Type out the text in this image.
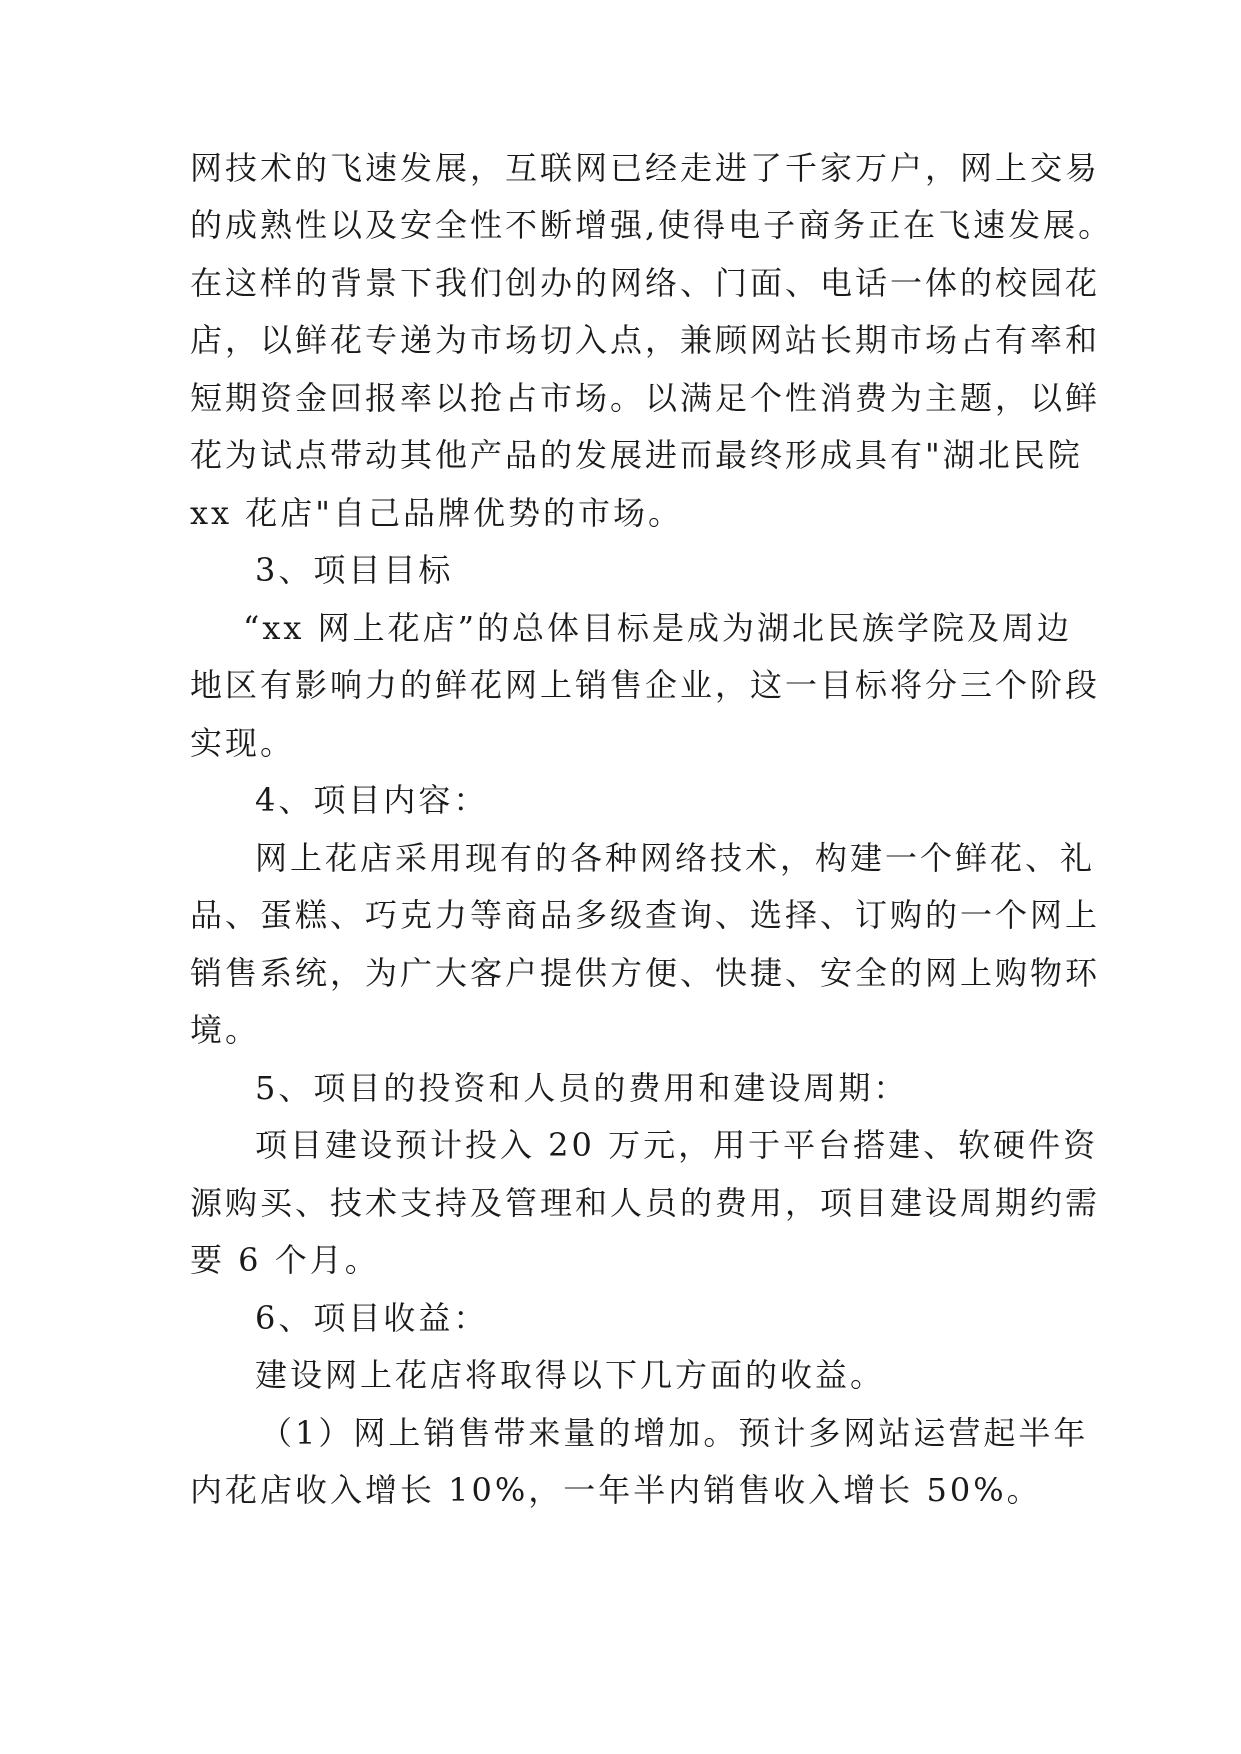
网技术的飞速发展，互联网已经走进了千家万户，网上交易

的成熟性以及安全性不断增强,使得电子商务正在飞速发展。

在这样的背景下我们创办的网络、门面、电话一体的校园花

店，以鲜花专递为市场切入点，兼顾网站长期市场占有率和

短期资金回报率以抢占市场。以满足个性消费为主题，以鲜

花为试点带动其他产品的发展进而最终形成具有"湖北民院

xx 花店"自己品牌优势的市场。

3、项目目标

“xx 网上花店”的总体目标是成为湖北民族学院及周边

地区有影响力的鲜花网上销售企业，这一目标将分三个阶段

实现。

4、项目内容：

网上花店采用现有的各种网络技术，构建一个鲜花、礼

品、蛋糕、巧克力等商品多级查询、选择、订购的一个网上

销售系统，为广大客户提供方便、快捷、安全的网上购物环

境。

5、项目的投资和人员的费用和建设周期：

项目建设预计投入 20 万元，用于平台搭建、软硬件资

源购买、技术支持及管理和人员的费用，项目建设周期约需

要 6 个月。

6、项目收益：

建设网上花店将取得以下几方面的收益。

（1）网上销售带来量的增加。预计多网站运营起半年

内花店收入增长 10%，一年半内销售收入增长 50%。
